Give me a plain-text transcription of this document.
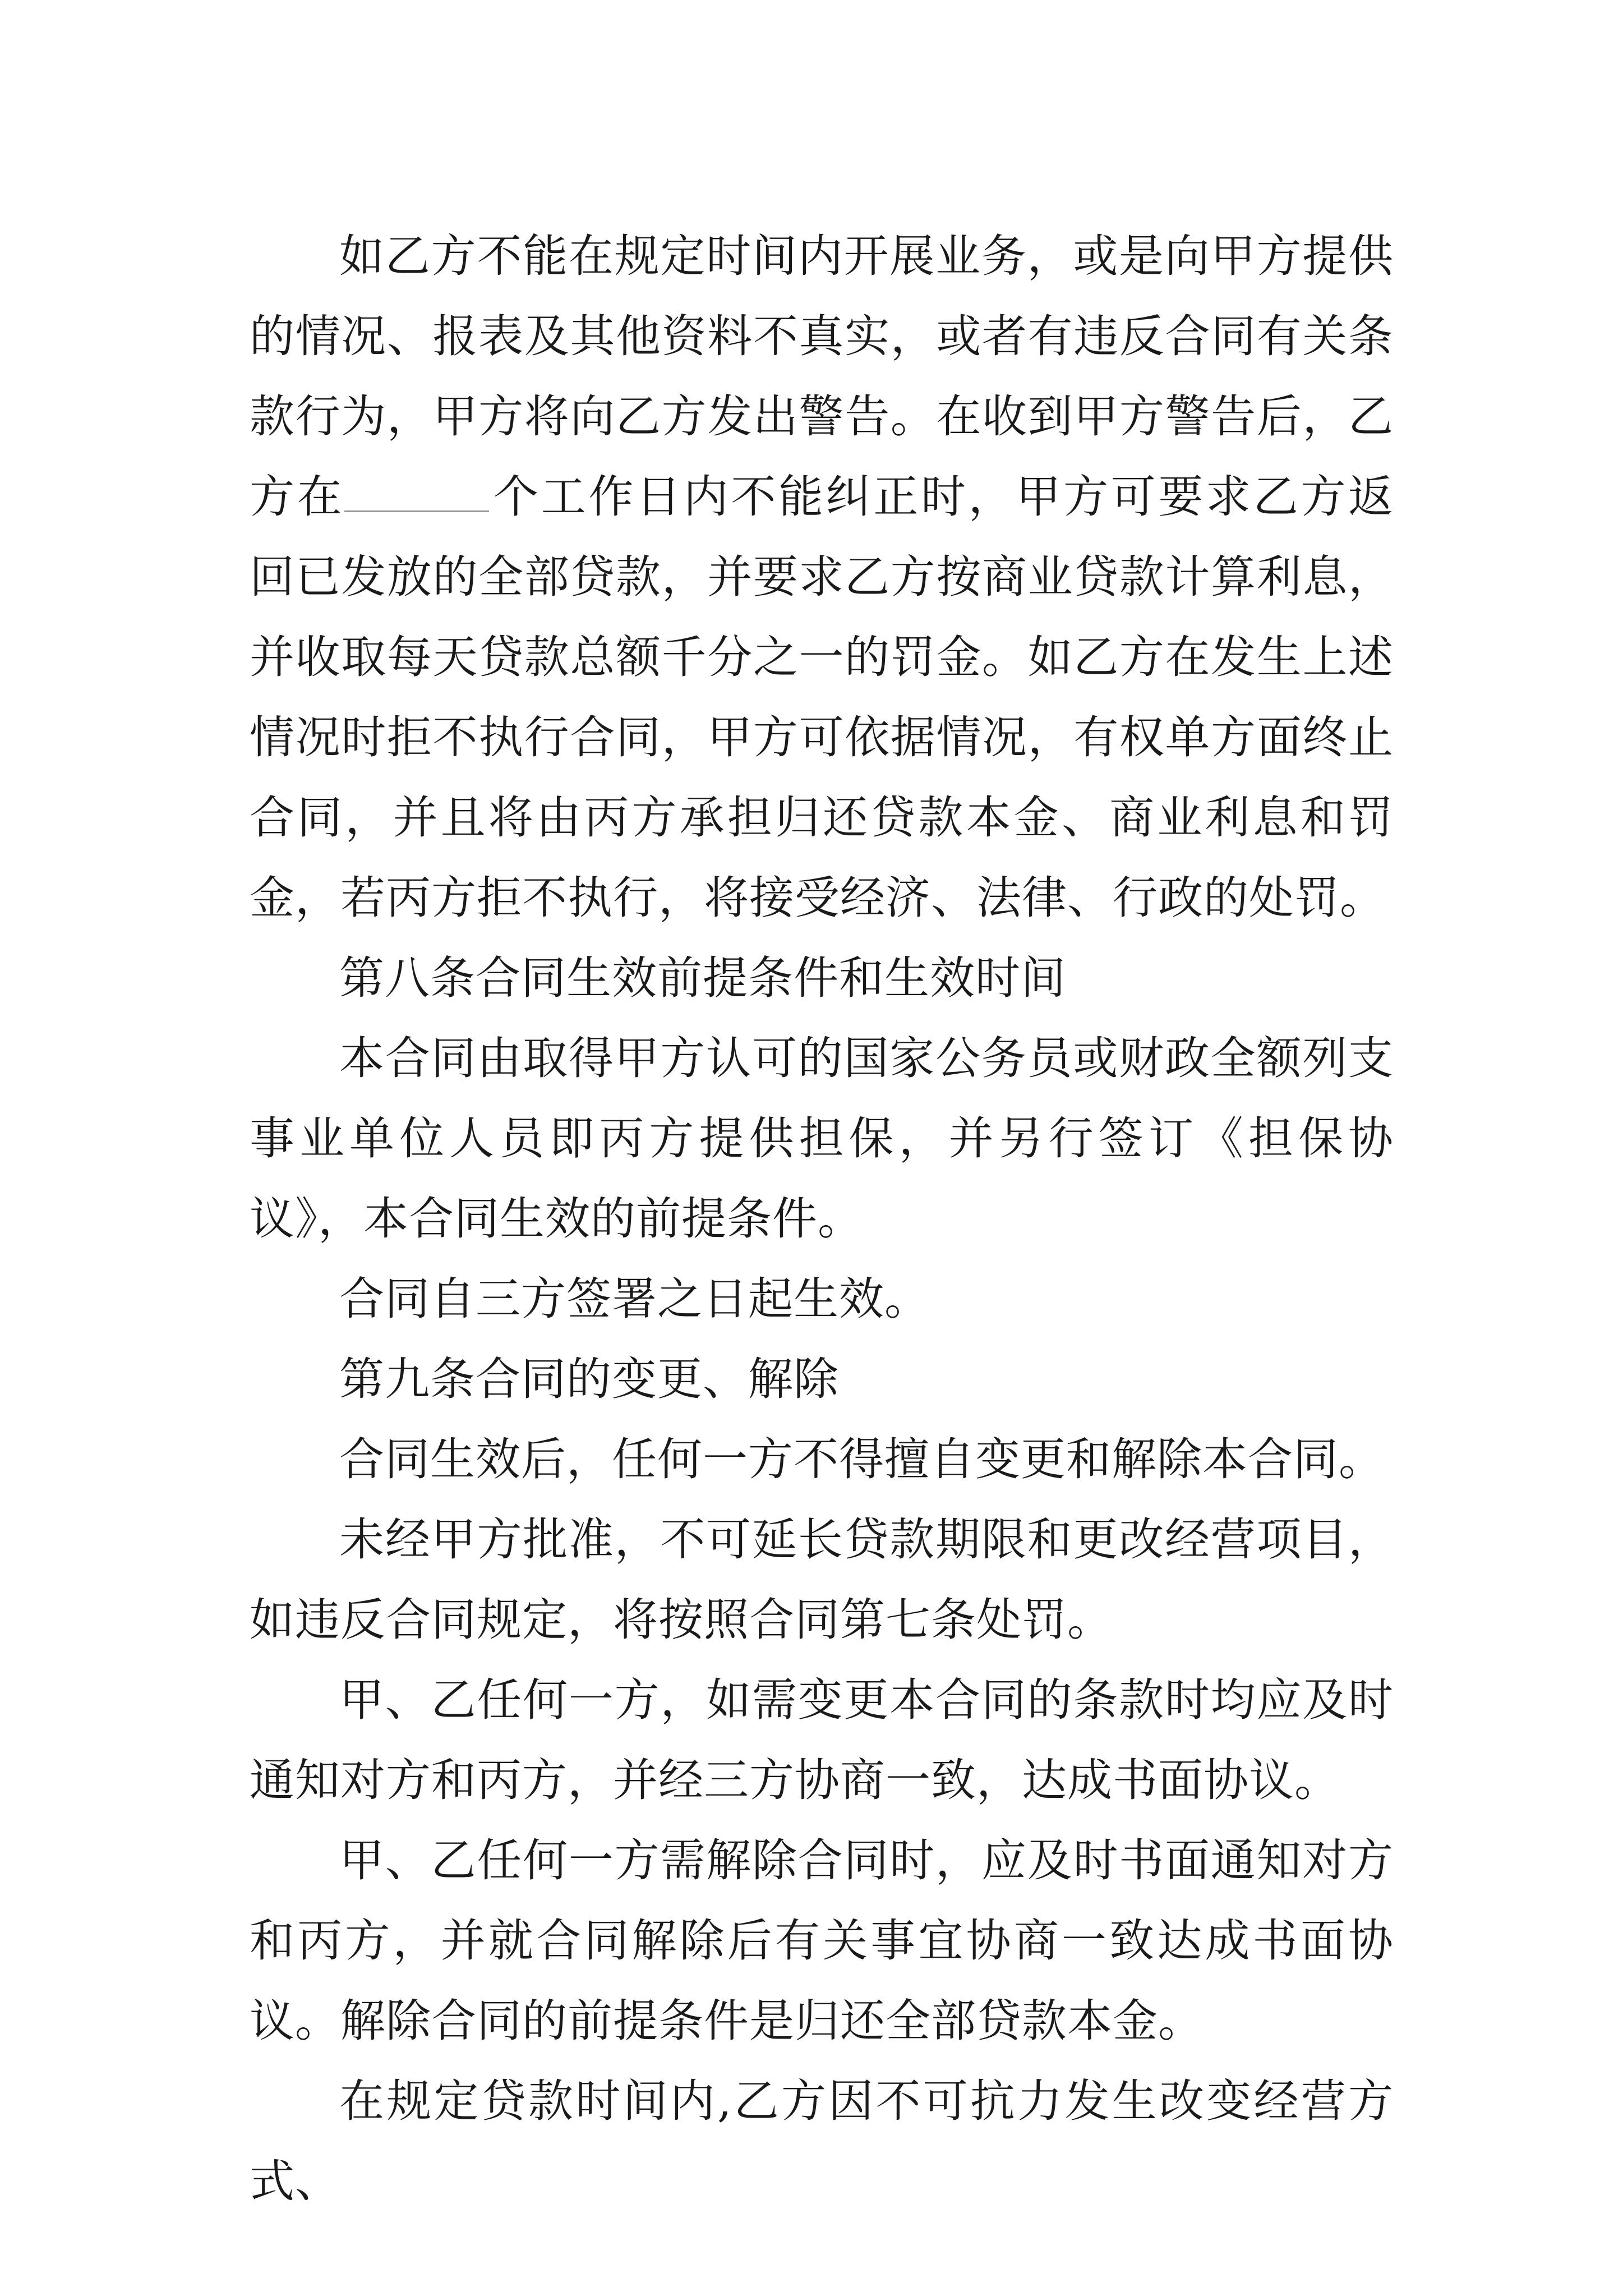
如乙方不能在规定时间内开展业务，或是向甲方提供的情况、报表及其他资料不真实，或者有违反合同有关条款行为，甲方将向乙方发出警告。在收到甲方警告后，乙方在	个工作日内不能纠正时，甲方可要求乙方返回已发放的全部贷款，并要求乙方按商业贷款计算利息，并收取每天贷款总额千分之一的罚金。如乙方在发生上述情况时拒不执行合同，甲方可依据情况，有权单方面终止合同，并且将由丙方承担归还贷款本金、商业利息和罚金，若丙方拒不执行，将接受经济、法律、行政的处罚。

第八条合同生效前提条件和生效时间

本合同由取得甲方认可的国家公务员或财政全额列支事业单位人员即丙方提供担保，并另行签订《担保协议》，本合同生效的前提条件。

合同自三方签署之日起生效。

第九条合同的变更、解除

合同生效后，任何一方不得擅自变更和解除本合同。

未经甲方批准，不可延长贷款期限和更改经营项目，如违反合同规定，将按照合同第七条处罚。

甲、乙任何一方，如需变更本合同的条款时均应及时通知对方和丙方，并经三方协商一致，达成书面协议。

甲、乙任何一方需解除合同时，应及时书面通知对方和丙方，并就合同解除后有关事宜协商一致达成书面协议。解除合同的前提条件是归还全部贷款本金。

在规定贷款时间内,乙方因不可抗力发生改变经营方式、
